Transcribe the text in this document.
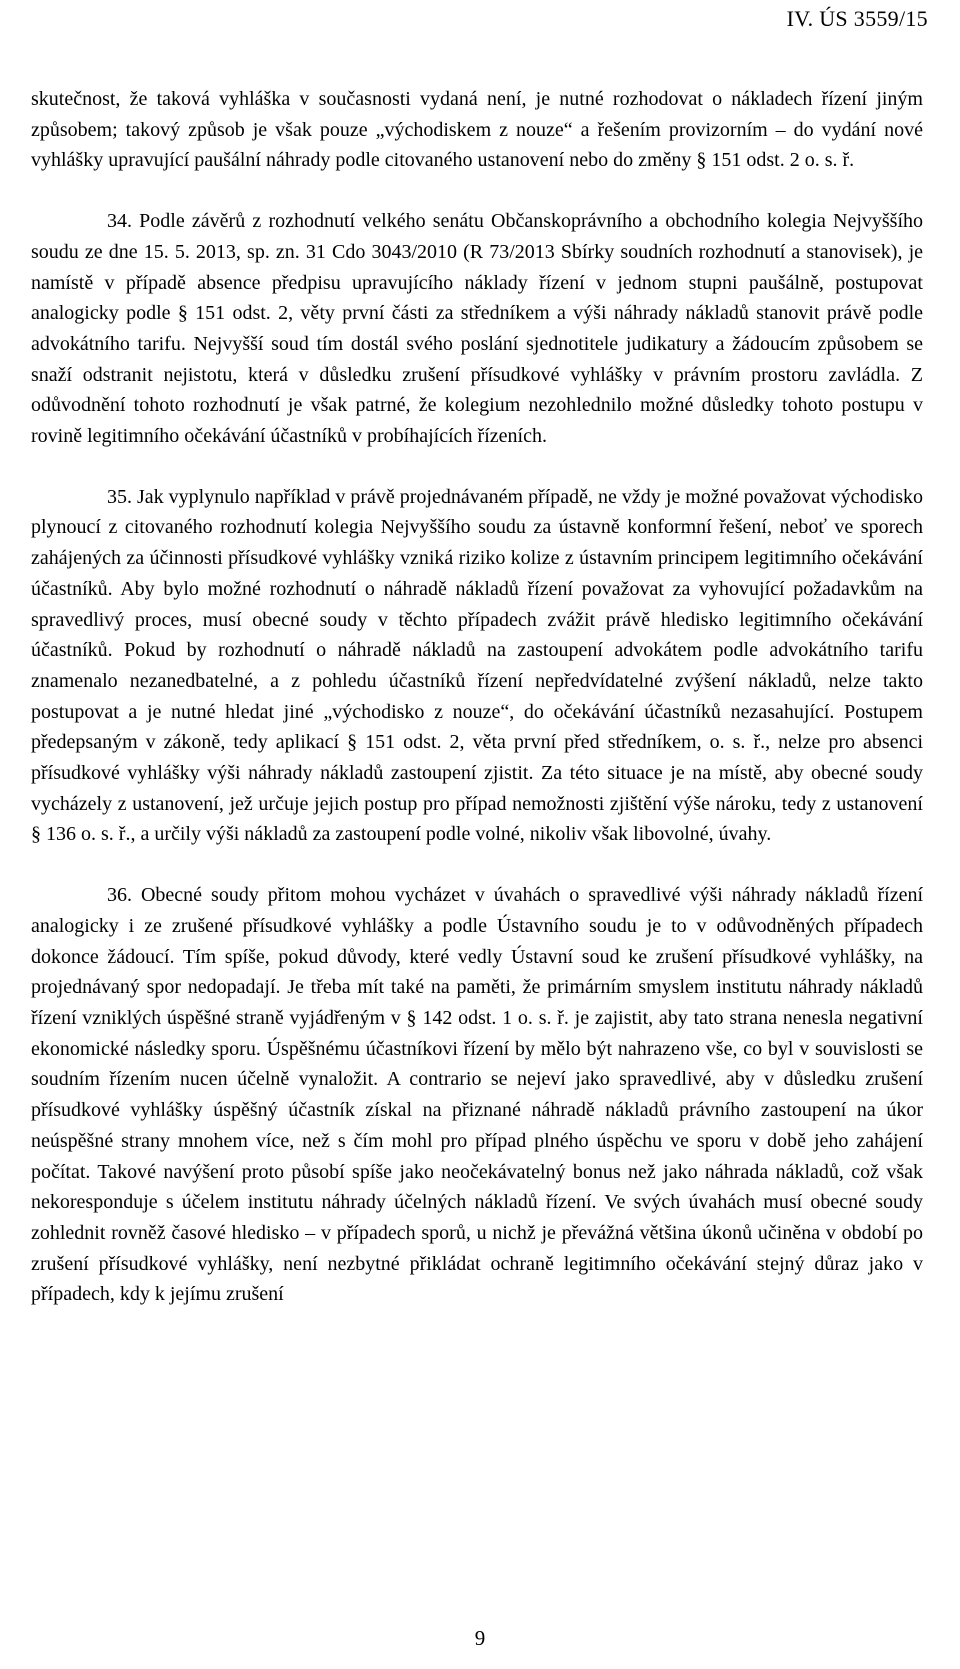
IV. ÚS 3559/15

skutečnost, že taková vyhláška v současnosti vydaná není, je nutné rozhodovat o nákladech řízení jiným způsobem; takový způsob je však pouze „východiskem z nouze“ a řešením provizorním – do vydání nové vyhlášky upravující paušální náhrady podle citovaného ustanovení nebo do změny § 151 odst. 2 o. s. ř.

34. Podle závěrů z rozhodnutí velkého senátu Občanskoprávního a obchodního kolegia Nejvyššího soudu ze dne 15. 5. 2013, sp. zn. 31 Cdo 3043/2010 (R 73/2013 Sbírky soudních rozhodnutí a stanovisek), je namístě v případě absence předpisu upravujícího náklady řízení v jednom stupni paušálně, postupovat analogicky podle § 151 odst. 2, věty první části za středníkem a výši náhrady nákladů stanovit právě podle advokátního tarifu. Nejvyšší soud tím dostál svého poslání sjednotitele judikatury a žádoucím způsobem se snaží odstranit nejistotu, která v důsledku zrušení přísudkové vyhlášky v právním prostoru zavládla. Z odůvodnění tohoto rozhodnutí je však patrné, že kolegium nezohlednilo možné důsledky tohoto postupu v rovině legitimního očekávání účastníků v probíhajících řízeních.

35. Jak vyplynulo například v právě projednávaném případě, ne vždy je možné považovat východisko plynoucí z citovaného rozhodnutí kolegia Nejvyššího soudu za ústavně konformní řešení, neboť ve sporech zahájených za účinnosti přísudkové vyhlášky vzniká riziko kolize z ústavním principem legitimního očekávání účastníků. Aby bylo možné rozhodnutí o náhradě nákladů řízení považovat za vyhovující požadavkům na spravedlivý proces, musí obecné soudy v těchto případech zvážit právě hledisko legitimního očekávání účastníků. Pokud by rozhodnutí o náhradě nákladů na zastoupení advokátem podle advokátního tarifu znamenalo nezanedbatelné, a z pohledu účastníků řízení nepředvídatelné zvýšení nákladů, nelze takto postupovat a je nutné hledat jiné „východisko z nouze“, do očekávání účastníků nezasahující. Postupem předepsaným v zákoně, tedy aplikací § 151 odst. 2, věta první před středníkem, o. s. ř., nelze pro absenci přísudkové vyhlášky výši náhrady nákladů zastoupení zjistit. Za této situace je na místě, aby obecné soudy vycházely z ustanovení, jež určuje jejich postup pro případ nemožnosti zjištění výše nároku, tedy z ustanovení § 136 o. s. ř., a určily výši nákladů za zastoupení podle volné, nikoliv však libovolné, úvahy.

36. Obecné soudy přitom mohou vycházet v úvahách o spravedlivé výši náhrady nákladů řízení analogicky i ze zrušené přísudkové vyhlášky a podle Ústavního soudu je to v odůvodněných případech dokonce žádoucí. Tím spíše, pokud důvody, které vedly Ústavní soud ke zrušení přísudkové vyhlášky, na projednávaný spor nedopadají. Je třeba mít také na paměti, že primárním smyslem institutu náhrady nákladů řízení vzniklých úspěšné straně vyjádřeným v § 142 odst. 1 o. s. ř. je zajistit, aby tato strana nenesla negativní ekonomické následky sporu. Úspěšnému účastníkovi řízení by mělo být nahrazeno vše, co byl v souvislosti se soudním řízením nucen účelně vynaložit. A contrario se nejeví jako spravedlivé, aby v důsledku zrušení přísudkové vyhlášky úspěšný účastník získal na přiznané náhradě nákladů právního zastoupení na úkor neúspěšné strany mnohem více, než s čím mohl pro případ plného úspěchu ve sporu v době jeho zahájení počítat. Takové navýšení proto působí spíše jako neočekávatelný bonus než jako náhrada nákladů, což však nekoresponduje s účelem institutu náhrady účelných nákladů řízení. Ve svých úvahách musí obecné soudy zohlednit rovněž časové hledisko – v případech sporů, u nichž je převážná většina úkonů učiněna v období po zrušení přísudkové vyhlášky, není nezbytné přikládat ochraně legitimního očekávání stejný důraz jako v případech, kdy k jejímu zrušení

9
